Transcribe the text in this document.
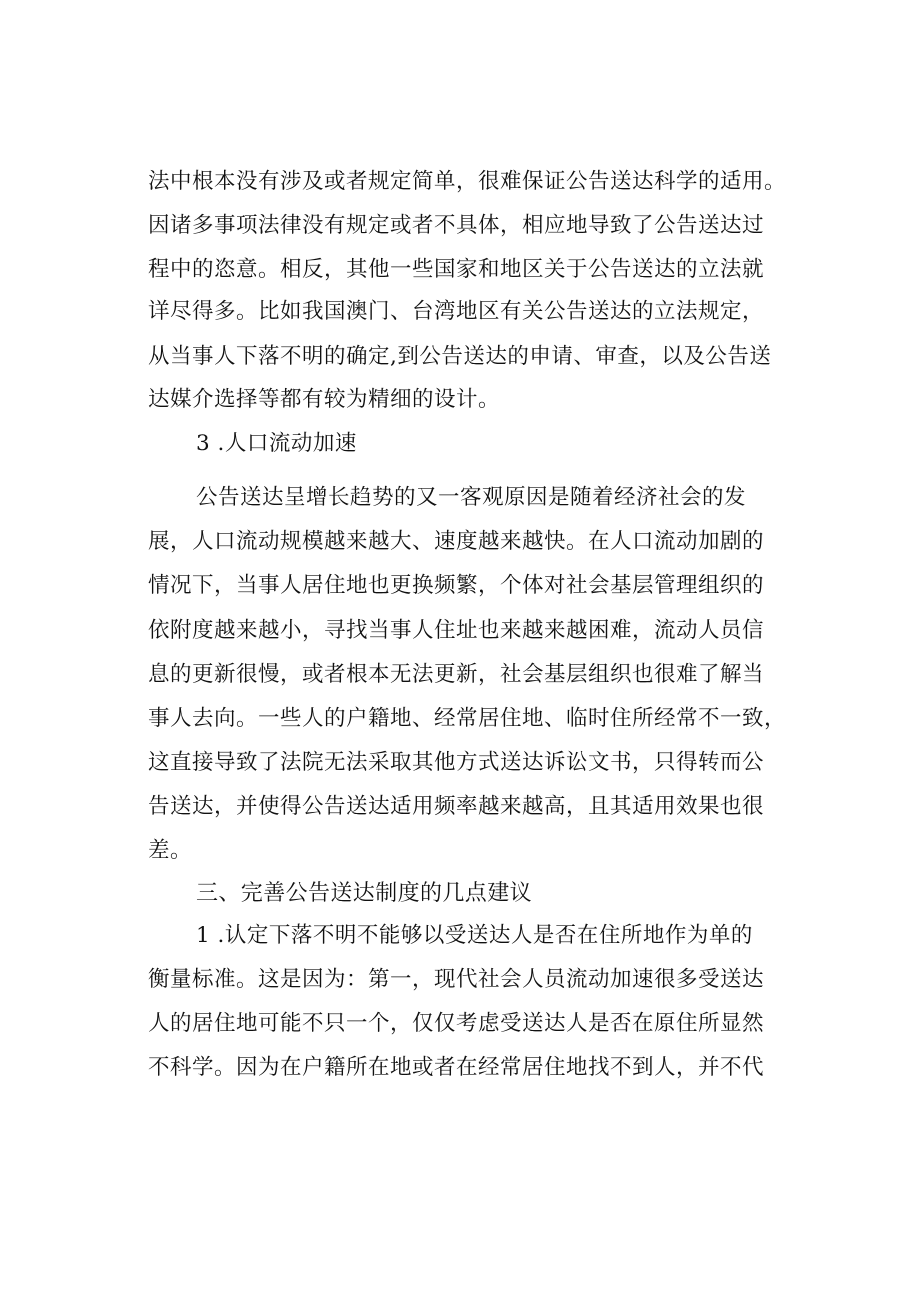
法中根本没有涉及或者规定简单，很难保证公告送达科学的适用。
因诸多事项法律没有规定或者不具体，相应地导致了公告送达过
程中的恣意。相反，其他一些国家和地区关于公告送达的立法就
详尽得多。比如我国澳门、台湾地区有关公告送达的立法规定，
从当事人下落不明的确定,到公告送达的申请、审查，以及公告送
达媒介选择等都有较为精细的设计。
3 .人口流动加速
公告送达呈增长趋势的又一客观原因是随着经济社会的发
展，人口流动规模越来越大、速度越来越快。在人口流动加剧的
情况下，当事人居住地也更换频繁，个体对社会基层管理组织的
依附度越来越小，寻找当事人住址也来越来越困难，流动人员信
息的更新很慢，或者根本无法更新，社会基层组织也很难了解当
事人去向。一些人的户籍地、经常居住地、临时住所经常不一致，
这直接导致了法院无法采取其他方式送达诉讼文书，只得转而公
告送达，并使得公告送达适用频率越来越高，且其适用效果也很
差。
三、完善公告送达制度的几点建议
1 .认定下落不明不能够以受送达人是否在住所地作为单的
衡量标准。这是因为：第一，现代社会人员流动加速很多受送达
人的居住地可能不只一个，仅仅考虑受送达人是否在原住所显然
不科学。因为在户籍所在地或者在经常居住地找不到人，并不代
